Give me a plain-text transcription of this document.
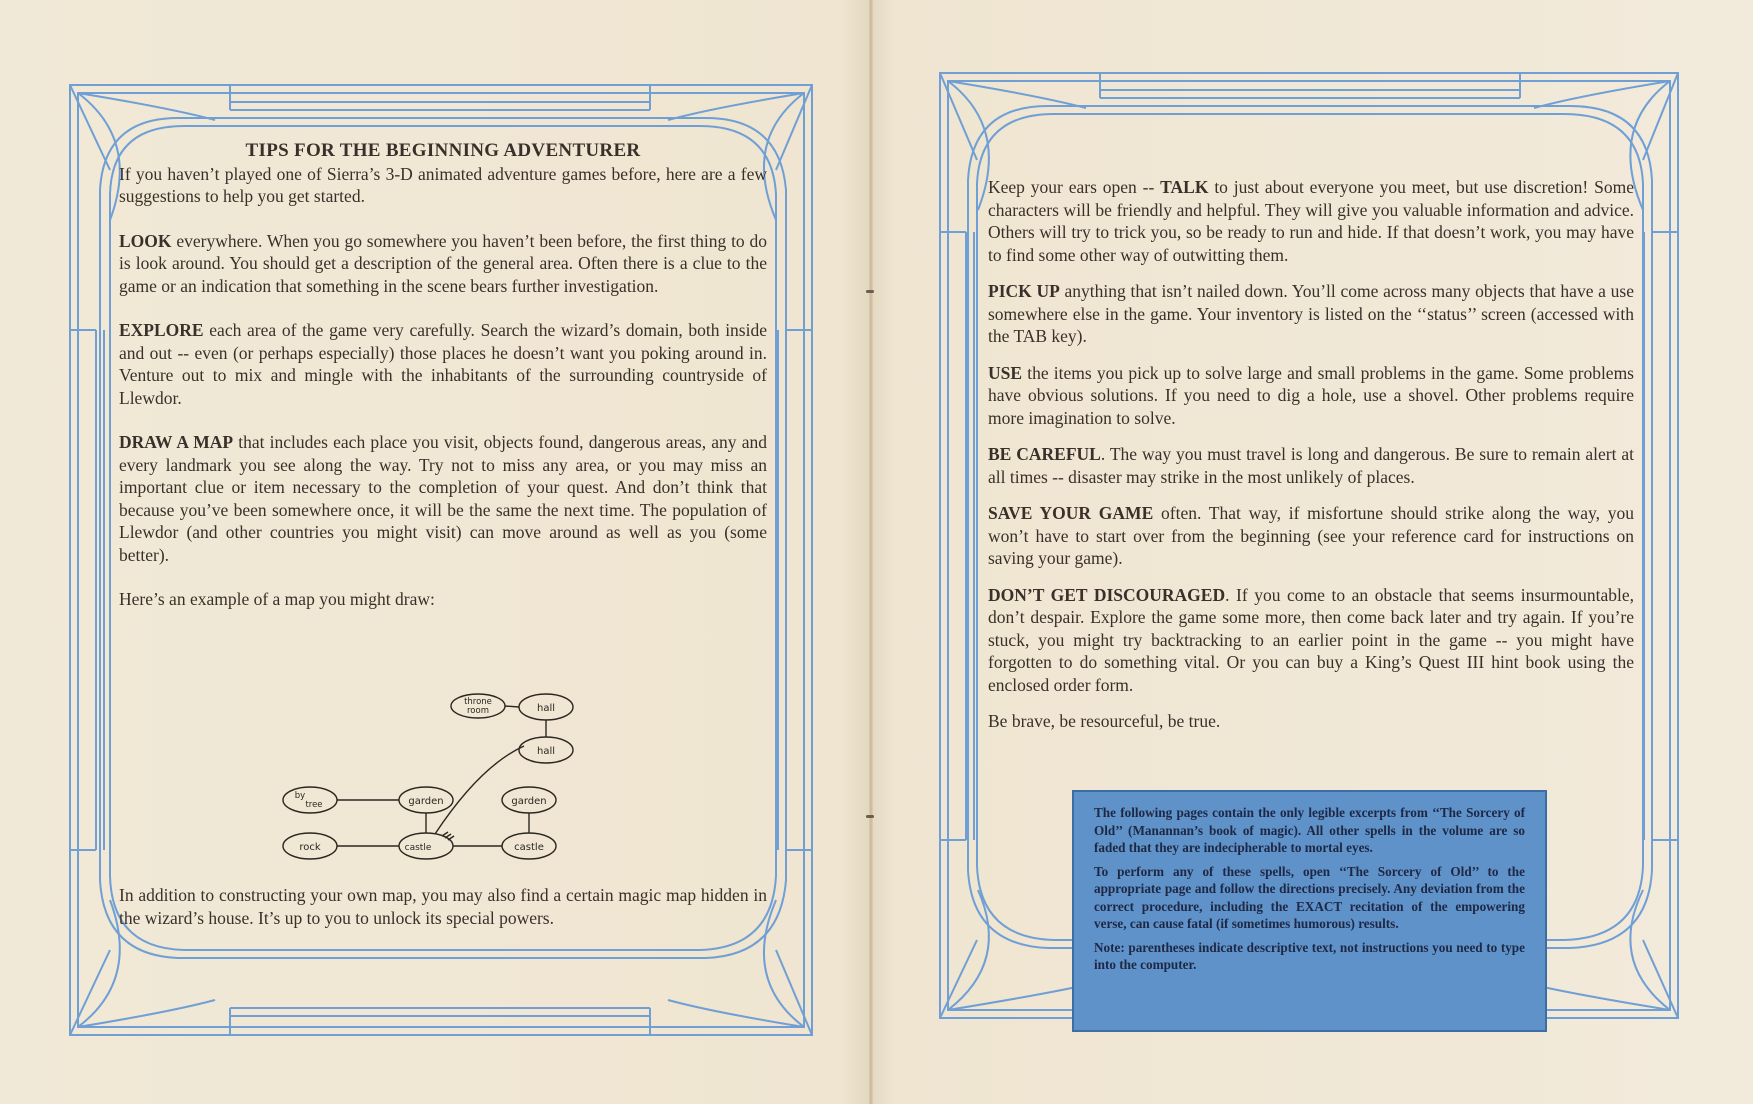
TIPS FOR THE BEGINNING ADVENTURER

If you haven’t played one of Sierra’s 3-D animated adventure games before, here are a few suggestions to help you get started.

LOOK everywhere. When you go somewhere you haven’t been before, the first thing to do is look around. You should get a description of the general area. Often there is a clue to the game or an indication that something in the scene bears further investigation.

EXPLORE each area of the game very carefully. Search the wizard’s domain, both inside and out -- even (or perhaps especially) those places he doesn’t want you poking around in. Venture out to mix and mingle with the inhabitants of the surrounding countryside of Llewdor.

DRAW A MAP that includes each place you visit, objects found, dangerous areas, any and every landmark you see along the way. Try not to miss any area, or you may miss an important clue or item necessary to the completion of your quest. And don’t think that because you’ve been somewhere once, it will be the same the next time. The population of Llewdor (and other countries you might visit) can move around as well as you (some better).

Here’s an example of a map you might draw:

throne
room	hall
hall
by
tree	garden	garden
rock	castle	castle

In addition to constructing your own map, you may also find a certain magic map hidden in the wizard’s house. It’s up to you to unlock its special powers.

Keep your ears open -- TALK to just about everyone you meet, but use discretion! Some characters will be friendly and helpful. They will give you valuable information and advice. Others will try to trick you, so be ready to run and hide. If that doesn’t work, you may have to find some other way of outwitting them.

PICK UP anything that isn’t nailed down. You’ll come across many objects that have a use somewhere else in the game. Your inventory is listed on the ‘‘status’’ screen (accessed with the TAB key).

USE the items you pick up to solve large and small problems in the game. Some problems have obvious solutions. If you need to dig a hole, use a shovel. Other problems require more imagination to solve.

BE CAREFUL. The way you must travel is long and dangerous. Be sure to remain alert at all times -- disaster may strike in the most unlikely of places.

SAVE YOUR GAME often. That way, if misfortune should strike along the way, you won’t have to start over from the beginning (see your reference card for instructions on saving your game).

DON’T GET DISCOURAGED. If you come to an obstacle that seems insurmountable, don’t despair. Explore the game some more, then come back later and try again. If you’re stuck, you might try backtracking to an earlier point in the game -- you might have forgotten to do something vital. Or you can buy a King’s Quest III hint book using the enclosed order form.

Be brave, be resourceful, be true.

The following pages contain the only legible excerpts from ‘‘The Sorcery of Old’’ (Manannan’s book of magic). All other spells in the volume are so faded that they are indecipherable to mortal eyes.

To perform any of these spells, open ‘‘The Sorcery of Old’’ to the appropriate page and follow the directions precisely. Any deviation from the correct procedure, including the EXACT recitation of the empowering verse, can cause fatal (if sometimes humorous) results.

Note: parentheses indicate descriptive text, not instructions you need to type into the computer.
